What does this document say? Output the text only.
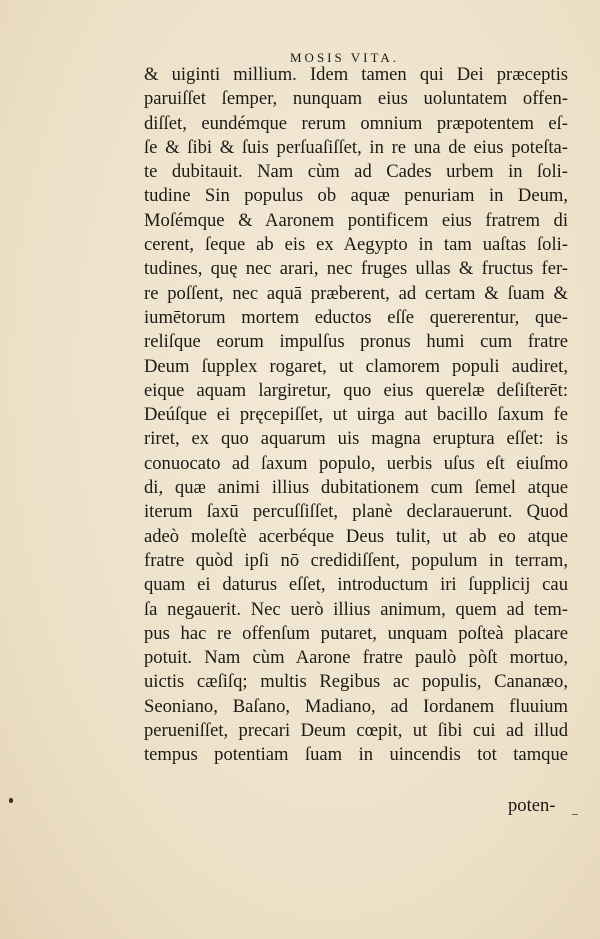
MOSIS VITA.
& uiginti millium. Idem tamen qui Dei præceptis
paruiſſet ſemper, nunquam eius uoluntatem offen-
diſſet, eundémque rerum omnium præpotentem eſ-
ſe & ſibi & ſuis perſuaſiſſet, in re una de eius poteſta-
te dubitauit. Nam cùm ad Cades urbem in ſoli-
tudine Sin populus ob aquæ penuriam in Deum,
Moſémque & Aaronem pontificem eius fratrem di
cerent, ſeque ab eis ex Aegypto in tam uaſtas ſoli-
tudines, quę nec arari, nec fruges ullas & fructus fer-
re poſſent, nec aquā præberent, ad certam & ſuam &
iumētorum mortem eductos eſſe quererentur, que-
reliſque eorum impulſus pronus humi cum fratre
Deum ſupplex rogaret, ut clamorem populi audiret,
eique aquam largiretur, quo eius querelæ deſiſterēt:
Deúſque ei pręcepiſſet, ut uirga aut bacillo ſaxum fe
riret, ex quo aquarum uis magna eruptura eſſet: is
conuocato ad ſaxum populo, uerbis uſus eſt eiuſmo
di, quæ animi illius dubitationem cum ſemel atque
iterum ſaxū percuſſiſſet, planè declarauerunt. Quod
adeò moleſtè acerbéque Deus tulit, ut ab eo atque
fratre quòd ipſi nō credidiſſent, populum in terram,
quam ei daturus eſſet, introductum iri ſupplicij cau
ſa negauerit. Nec uerò illius animum, quem ad tem-
pus hac re offenſum putaret, unquam poſteà placare
potuit. Nam cùm Aarone fratre paulò pòſt mortuo,
uictis cæſiſq; multis Regibus ac populis, Cananæo,
Seoniano, Baſano, Madiano, ad Iordanem fluuium
perueniſſet, precari Deum cœpit, ut ſibi cui ad illud
tempus potentiam ſuam in uincendis tot tamque
poten-
